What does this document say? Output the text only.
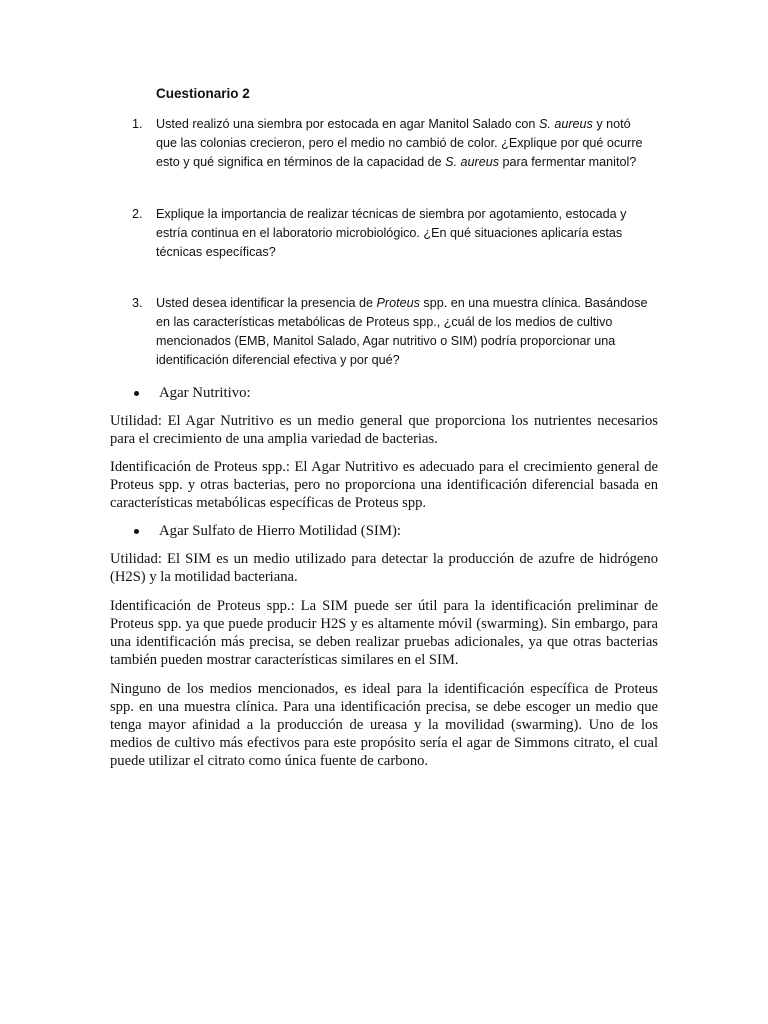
Cuestionario 2
1.	Usted realizó una siembra por estocada en agar Manitol Salado con S. aureus y notó que las colonias crecieron, pero el medio no cambió de color. ¿Explique por qué ocurre esto y qué significa en términos de la capacidad de S. aureus para fermentar manitol?
2.	Explique la importancia de realizar técnicas de siembra por agotamiento, estocada y estría continua en el laboratorio microbiológico. ¿En qué situaciones aplicaría estas técnicas específicas?
3.	Usted desea identificar la presencia de Proteus spp. en una muestra clínica. Basándose en las características metabólicas de Proteus spp., ¿cuál de los medios de cultivo mencionados (EMB, Manitol Salado, Agar nutritivo o SIM) podría proporcionar una identificación diferencial efectiva y por qué?
Agar Nutritivo:

Utilidad: El Agar Nutritivo es un medio general que proporciona los nutrientes necesarios para el crecimiento de una amplia variedad de bacterias.

Identificación de Proteus spp.: El Agar Nutritivo es adecuado para el crecimiento general de Proteus spp. y otras bacterias, pero no proporciona una identificación diferencial basada en características metabólicas específicas de Proteus spp.

Agar Sulfato de Hierro Motilidad (SIM):

Utilidad: El SIM es un medio utilizado para detectar la producción de azufre de hidrógeno (H2S) y la motilidad bacteriana.

Identificación de Proteus spp.: La SIM puede ser útil para la identificación preliminar de Proteus spp. ya que puede producir H2S y es altamente móvil (swarming). Sin embargo, para una identificación más precisa, se deben realizar pruebas adicionales, ya que otras bacterias también pueden mostrar características similares en el SIM.

Ninguno de los medios mencionados, es ideal para la identificación específica de Proteus spp. en una muestra clínica. Para una identificación precisa, se debe escoger un medio que tenga mayor afinidad a la producción de ureasa y la movilidad (swarming). Uno de los medios de cultivo más efectivos para este propósito sería el agar de Simmons citrato, el cual puede utilizar el citrato como única fuente de carbono.
